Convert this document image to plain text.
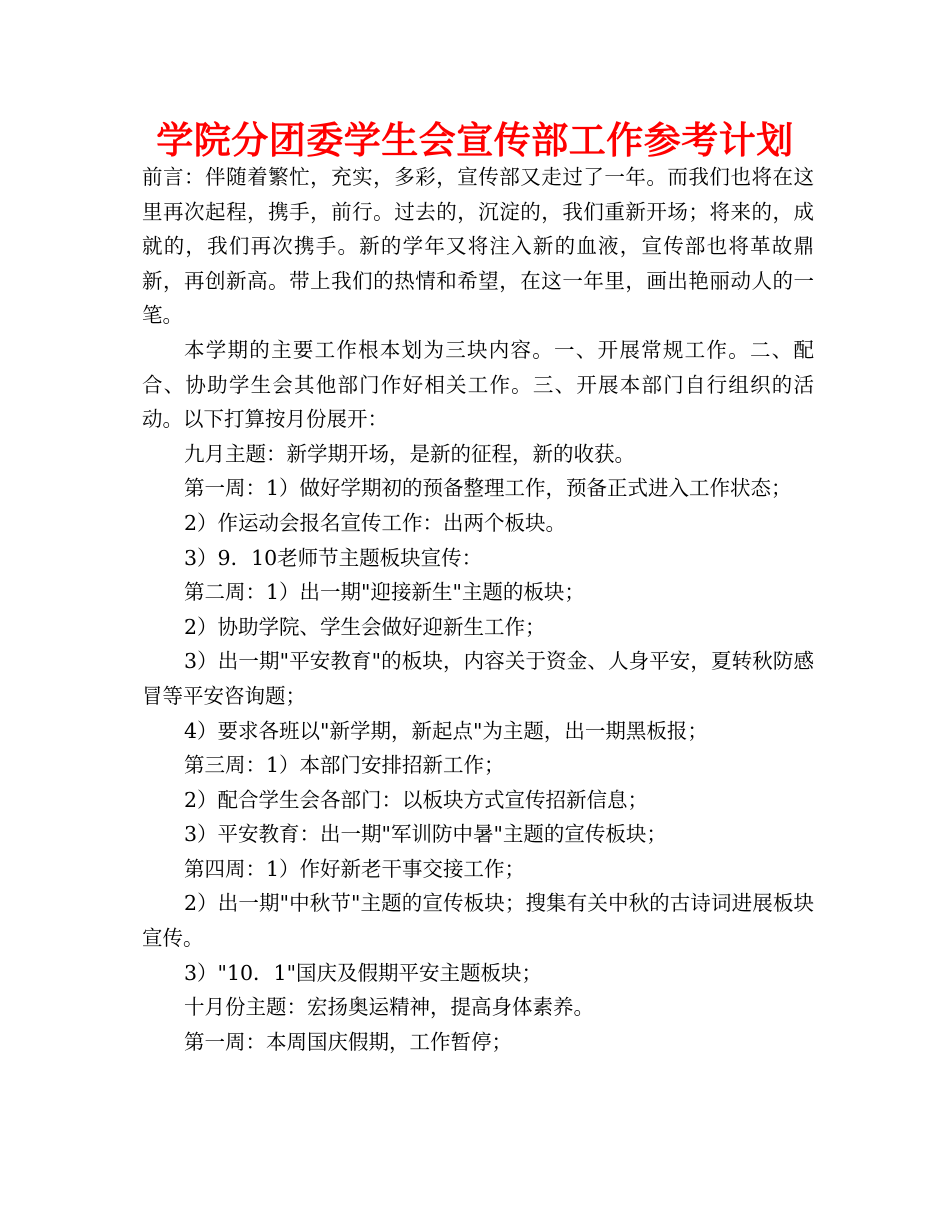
学院分团委学生会宣传部工作参考计划

前言：伴随着繁忙，充实，多彩，宣传部又走过了一年。而我们也将在这里再次起程，携手，前行。过去的，沉淀的，我们重新开场；将来的，成就的，我们再次携手。新的学年又将注入新的血液，宣传部也将革故鼎新，再创新高。带上我们的热情和希望，在这一年里，画出艳丽动人的一笔。

本学期的主要工作根本划为三块内容。一、开展常规工作。二、配合、协助学生会其他部门作好相关工作。三、开展本部门自行组织的活动。以下打算按月份展开：

九月主题：新学期开场，是新的征程，新的收获。

第一周：1）做好学期初的预备整理工作，预备正式进入工作状态；

2）作运动会报名宣传工作：出两个板块。

3）9．10老师节主题板块宣传：

第二周：1）出一期"迎接新生"主题的板块；

2）协助学院、学生会做好迎新生工作；

3）出一期"平安教育"的板块，内容关于资金、人身平安，夏转秋防感冒等平安咨询题；

4）要求各班以"新学期，新起点"为主题，出一期黑板报；

第三周：1）本部门安排招新工作；

2）配合学生会各部门：以板块方式宣传招新信息；

3）平安教育：出一期"军训防中暑"主题的宣传板块；

第四周：1）作好新老干事交接工作；

2）出一期"中秋节"主题的宣传板块；搜集有关中秋的古诗词进展板块宣传。

3）"10．1"国庆及假期平安主题板块；

十月份主题：宏扬奥运精神，提高身体素养。

第一周：本周国庆假期，工作暂停；
